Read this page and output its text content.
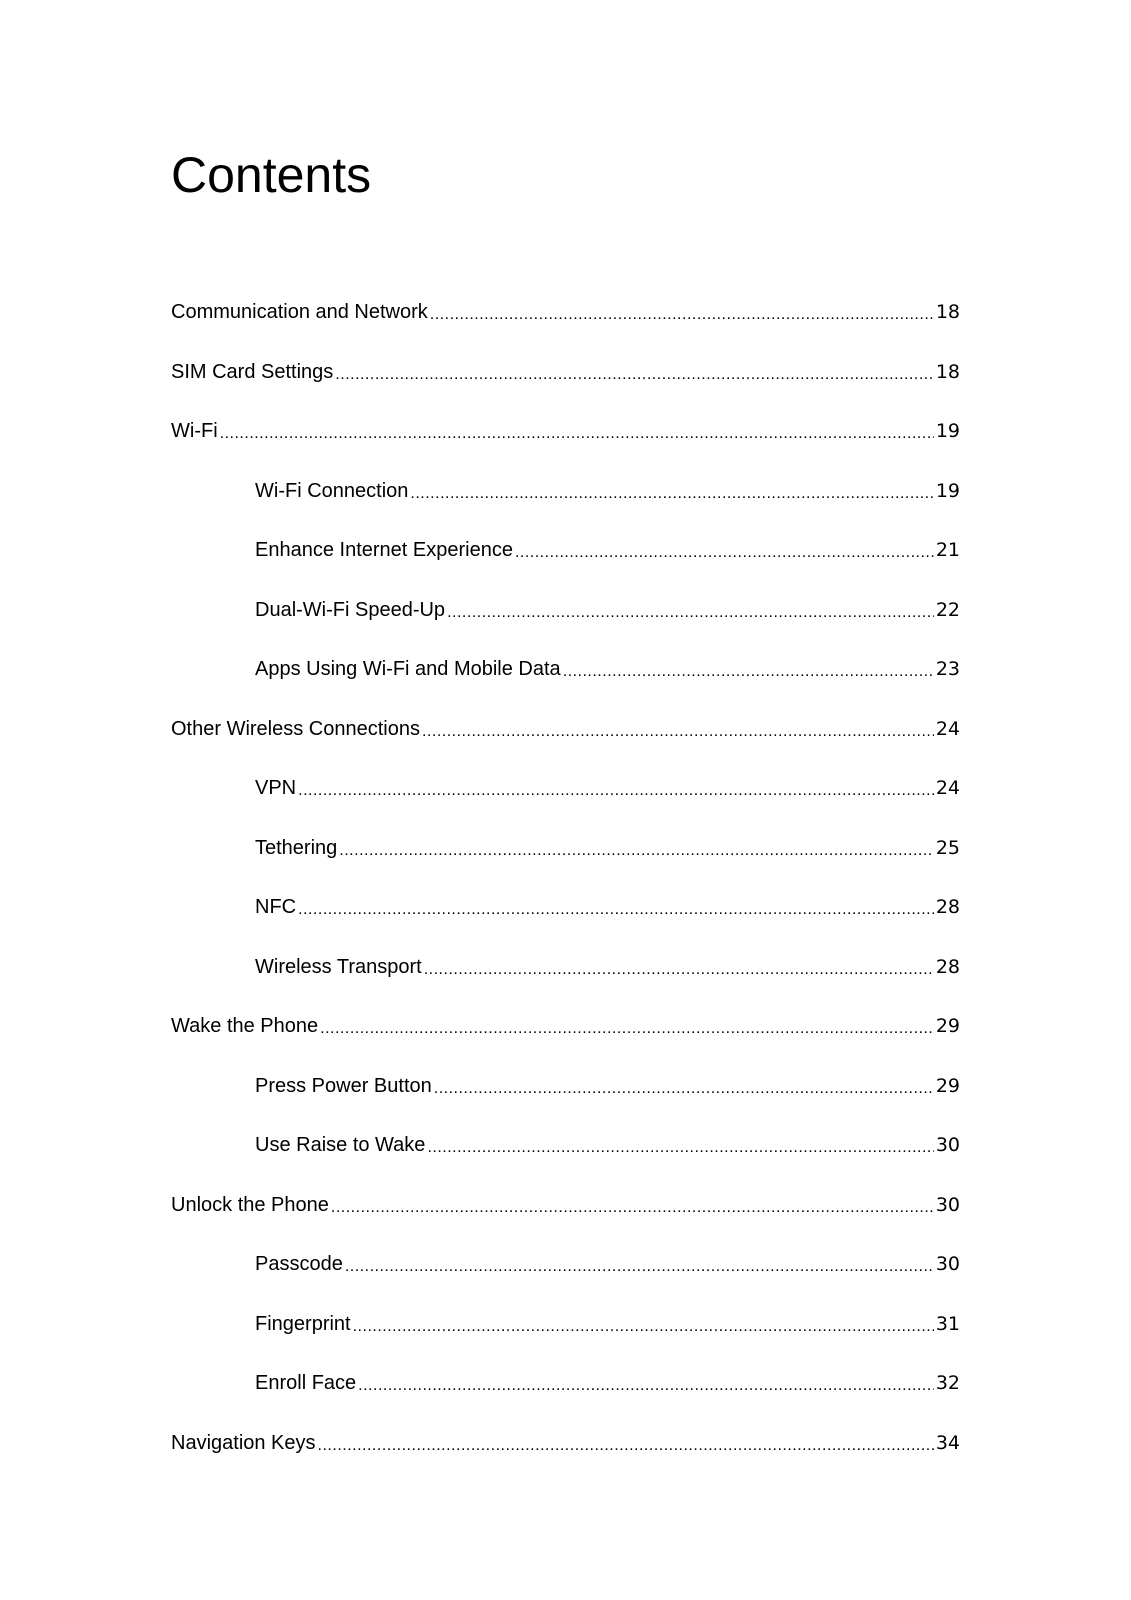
Contents
Communication and Network .....	18
SIM Card Settings .....	18
Wi-Fi .....	19
Wi-Fi Connection .....	19
Enhance Internet Experience .....	21
Dual-Wi-Fi Speed-Up .....	22
Apps Using Wi-Fi and Mobile Data .....	23
Other Wireless Connections .....	24
VPN .....	24
Tethering .....	25
NFC .....	28
Wireless Transport .....	28
Wake the Phone .....	29
Press Power Button .....	29
Use Raise to Wake .....	30
Unlock the Phone .....	30
Passcode .....	30
Fingerprint .....	31
Enroll Face .....	32
Navigation Keys .....	34
